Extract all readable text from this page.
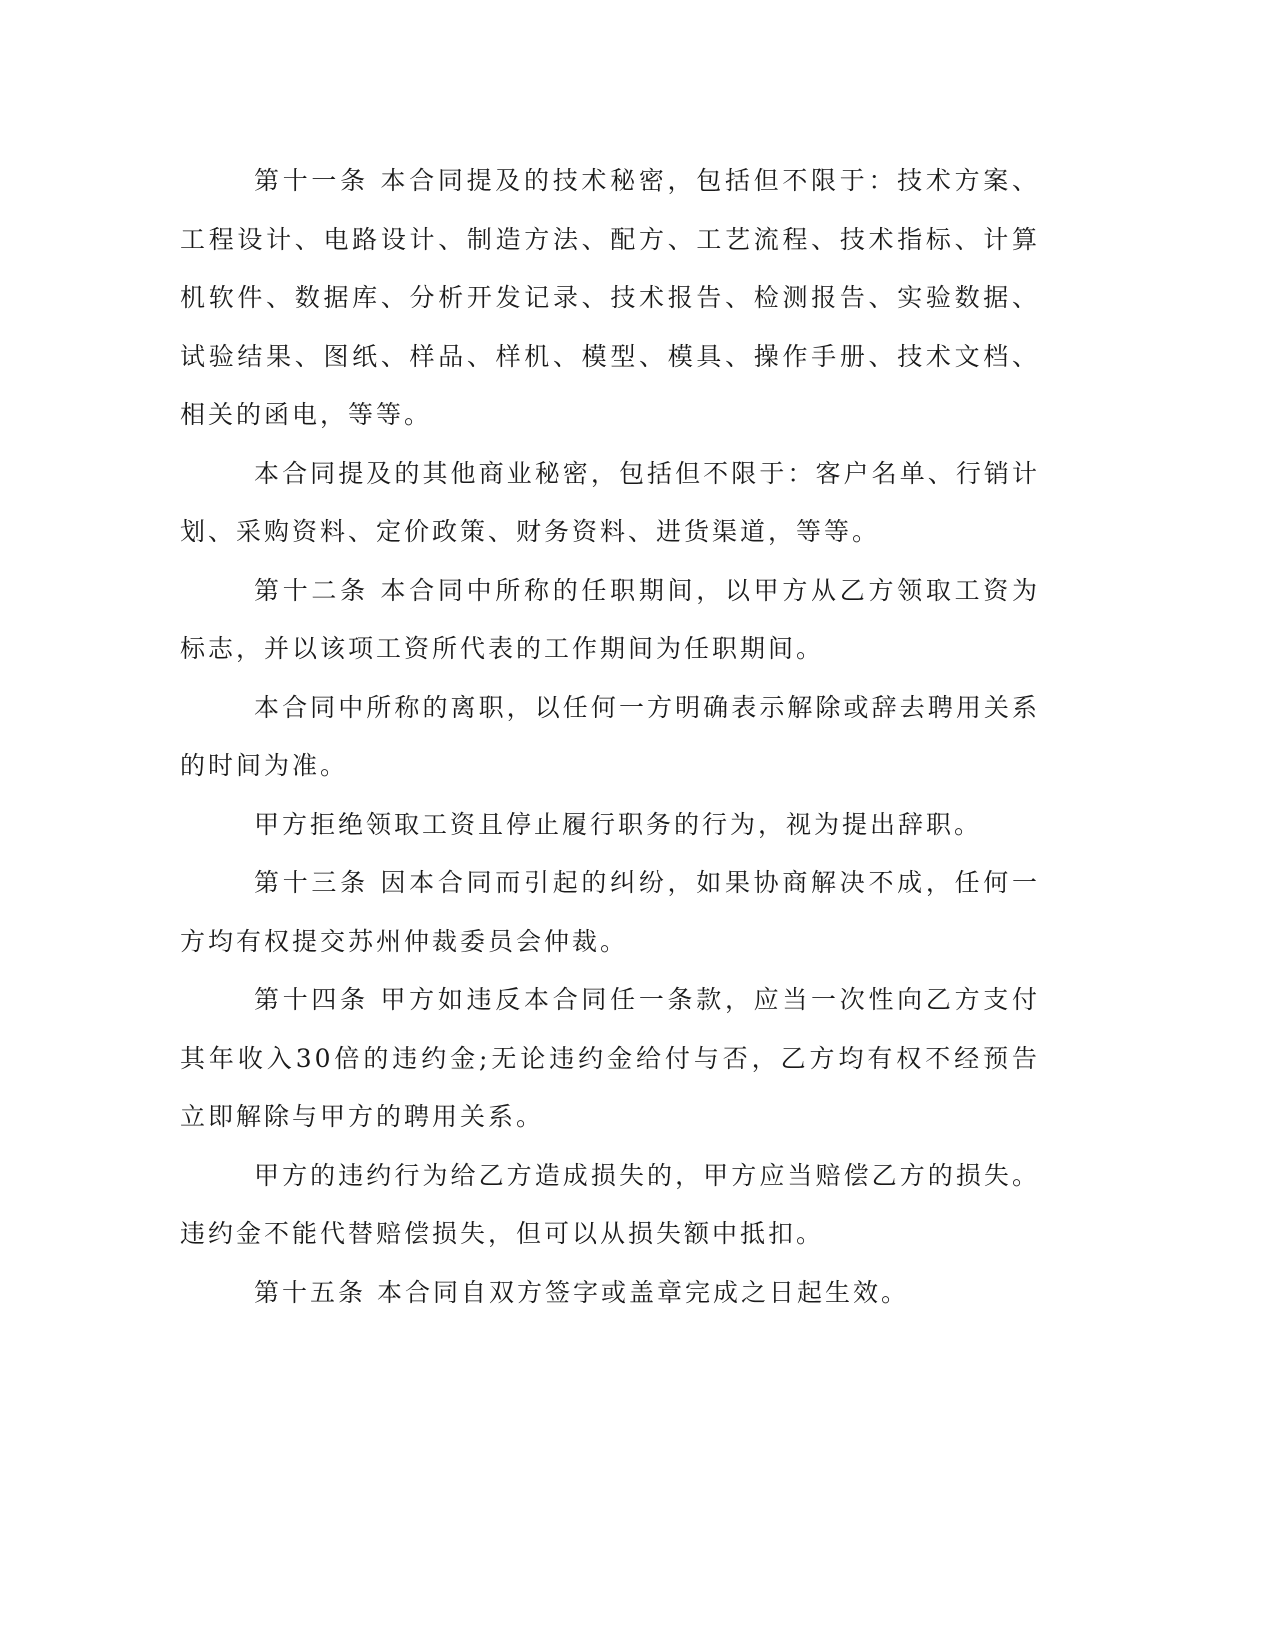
第十一条 本合同提及的技术秘密，包括但不限于：技术方案、工程设计、电路设计、制造方法、配方、工艺流程、技术指标、计算机软件、数据库、分析开发记录、技术报告、检测报告、实验数据、试验结果、图纸、样品、样机、模型、模具、操作手册、技术文档、相关的函电，等等。

本合同提及的其他商业秘密，包括但不限于：客户名单、行销计划、采购资料、定价政策、财务资料、进货渠道，等等。

第十二条 本合同中所称的任职期间，以甲方从乙方领取工资为标志，并以该项工资所代表的工作期间为任职期间。

本合同中所称的离职，以任何一方明确表示解除或辞去聘用关系的时间为准。

甲方拒绝领取工资且停止履行职务的行为，视为提出辞职。

第十三条 因本合同而引起的纠纷，如果协商解决不成，任何一方均有权提交苏州仲裁委员会仲裁。

第十四条 甲方如违反本合同任一条款，应当一次性向乙方支付其年收入30倍的违约金;无论违约金给付与否，乙方均有权不经预告立即解除与甲方的聘用关系。

甲方的违约行为给乙方造成损失的，甲方应当赔偿乙方的损失。违约金不能代替赔偿损失，但可以从损失额中抵扣。

第十五条 本合同自双方签字或盖章完成之日起生效。
